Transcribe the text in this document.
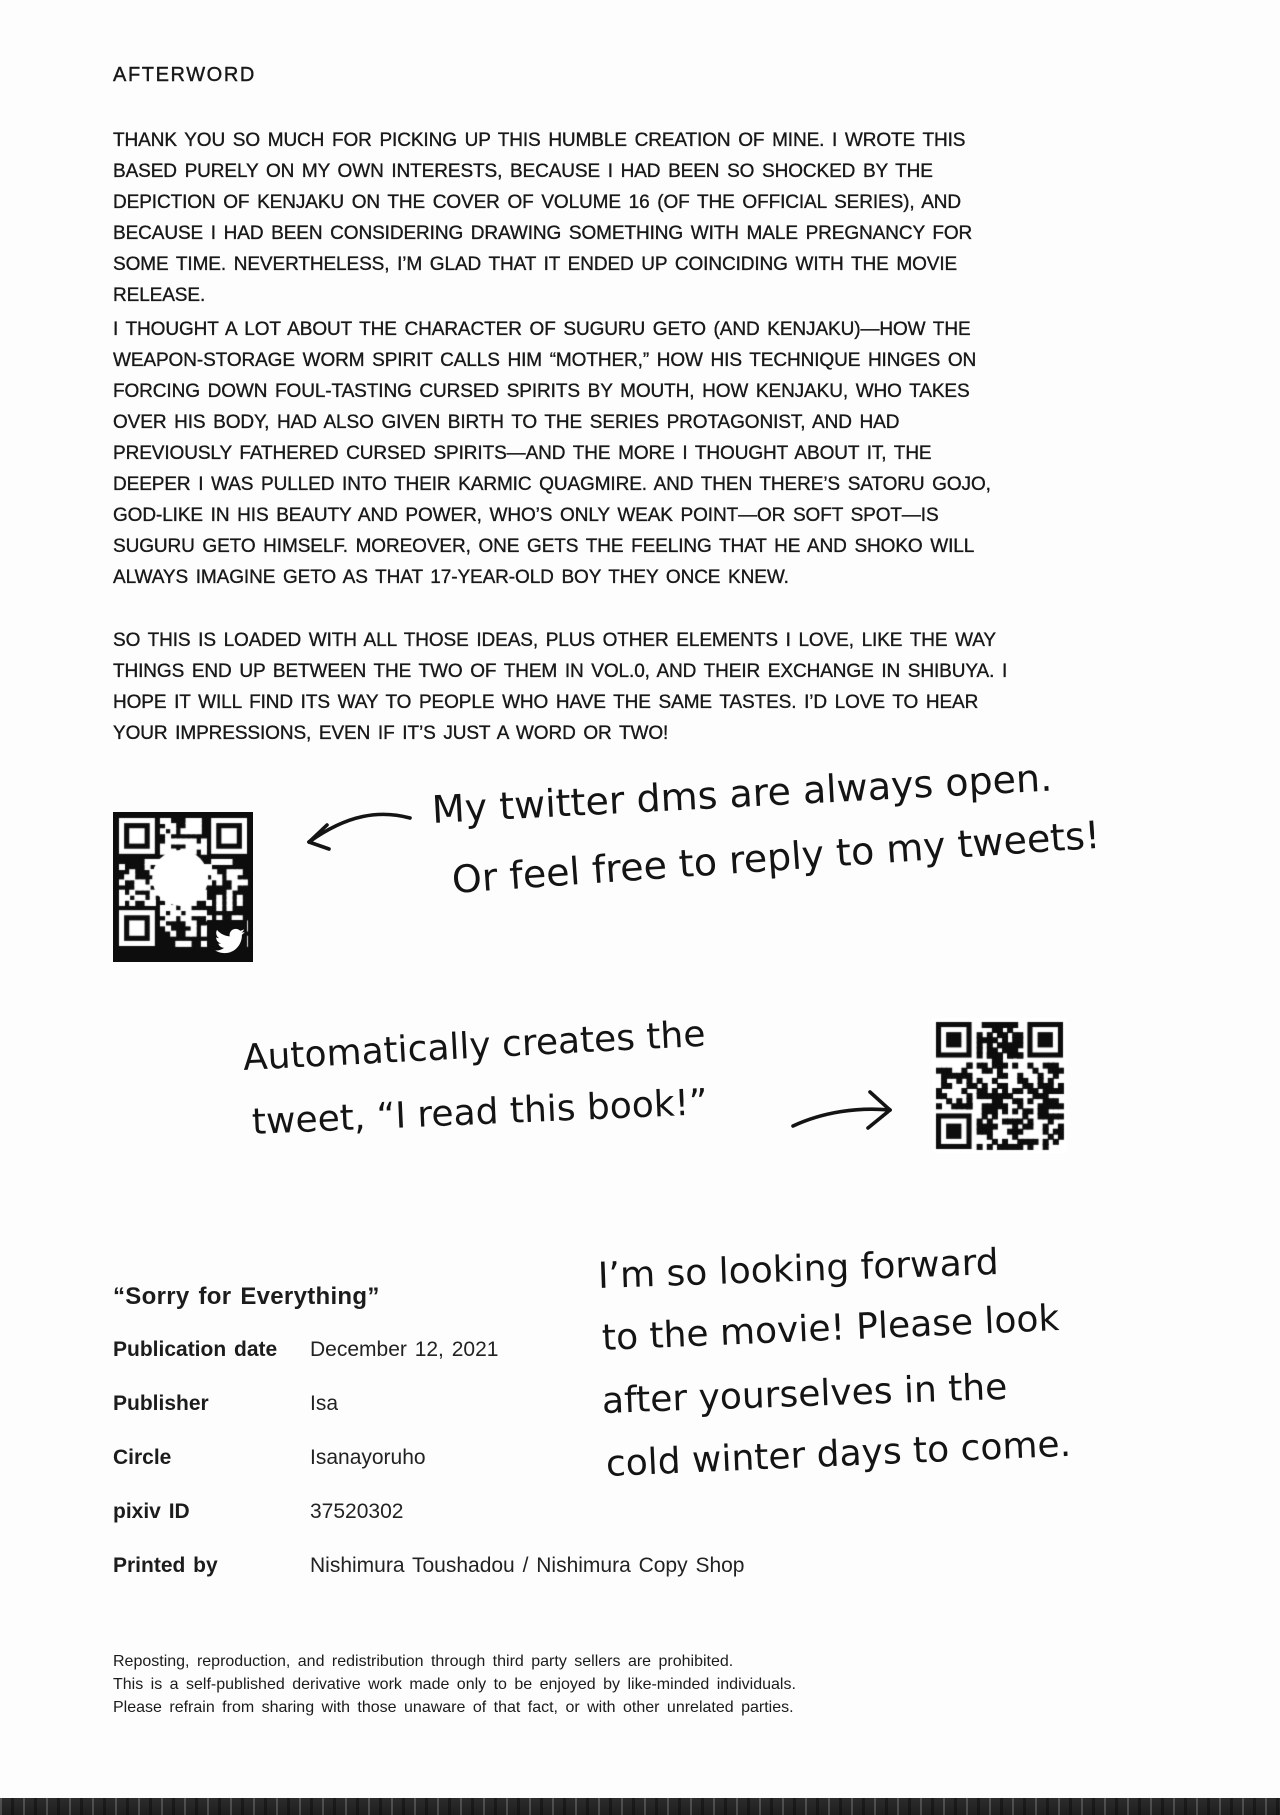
AFTERWORD
THANK YOU SO MUCH FOR PICKING UP THIS HUMBLE CREATION OF MINE. I WROTE THIS BASED PURELY ON MY OWN INTERESTS, BECAUSE I HAD BEEN SO SHOCKED BY THE DEPICTION OF KENJAKU ON THE COVER OF VOLUME 16 (OF THE OFFICIAL SERIES), AND BECAUSE I HAD BEEN CONSIDERING DRAWING SOMETHING WITH MALE PREGNANCY FOR SOME TIME. NEVERTHELESS, I’M GLAD THAT IT ENDED UP COINCIDING WITH THE MOVIE RELEASE.
I THOUGHT A LOT ABOUT THE CHARACTER OF SUGURU GETO (AND KENJAKU)—HOW THE WEAPON-STORAGE WORM SPIRIT CALLS HIM “MOTHER,” HOW HIS TECHNIQUE HINGES ON FORCING DOWN FOUL-TASTING CURSED SPIRITS BY MOUTH, HOW KENJAKU, WHO TAKES OVER HIS BODY, HAD ALSO GIVEN BIRTH TO THE SERIES PROTAGONIST, AND HAD PREVIOUSLY FATHERED CURSED SPIRITS—AND THE MORE I THOUGHT ABOUT IT, THE DEEPER I WAS PULLED INTO THEIR KARMIC QUAGMIRE. AND THEN THERE’S SATORU GOJO, GOD-LIKE IN HIS BEAUTY AND POWER, WHO’S ONLY WEAK POINT—OR SOFT SPOT—IS SUGURU GETO HIMSELF. MOREOVER, ONE GETS THE FEELING THAT HE AND SHOKO WILL ALWAYS IMAGINE GETO AS THAT 17-YEAR-OLD BOY THEY ONCE KNEW.
SO THIS IS LOADED WITH ALL THOSE IDEAS, PLUS OTHER ELEMENTS I LOVE, LIKE THE WAY THINGS END UP BETWEEN THE TWO OF THEM IN VOL.0, AND THEIR EXCHANGE IN SHIBUYA. I HOPE IT WILL FIND ITS WAY TO PEOPLE WHO HAVE THE SAME TASTES. I’D LOVE TO HEAR YOUR IMPRESSIONS, EVEN IF IT’S JUST A WORD OR TWO!
My twitter dms are always open.
Or feel free to reply to my tweets!
Automatically creates the
tweet, “I read this book!”
“Sorry for Everything”
Publication date December 12, 2021
Publisher	Isa
Circle	Isanayoruho
pixiv ID	37520302
Printed by	Nishimura Toushadou / Nishimura Copy Shop
I’m so looking forward
to the movie! Please look
after yourselves in the
cold winter days to come.
Reposting, reproduction, and redistribution through third party sellers are prohibited.
This is a self-published derivative work made only to be enjoyed by like-minded individuals.
Please refrain from sharing with those unaware of that fact, or with other unrelated parties.
